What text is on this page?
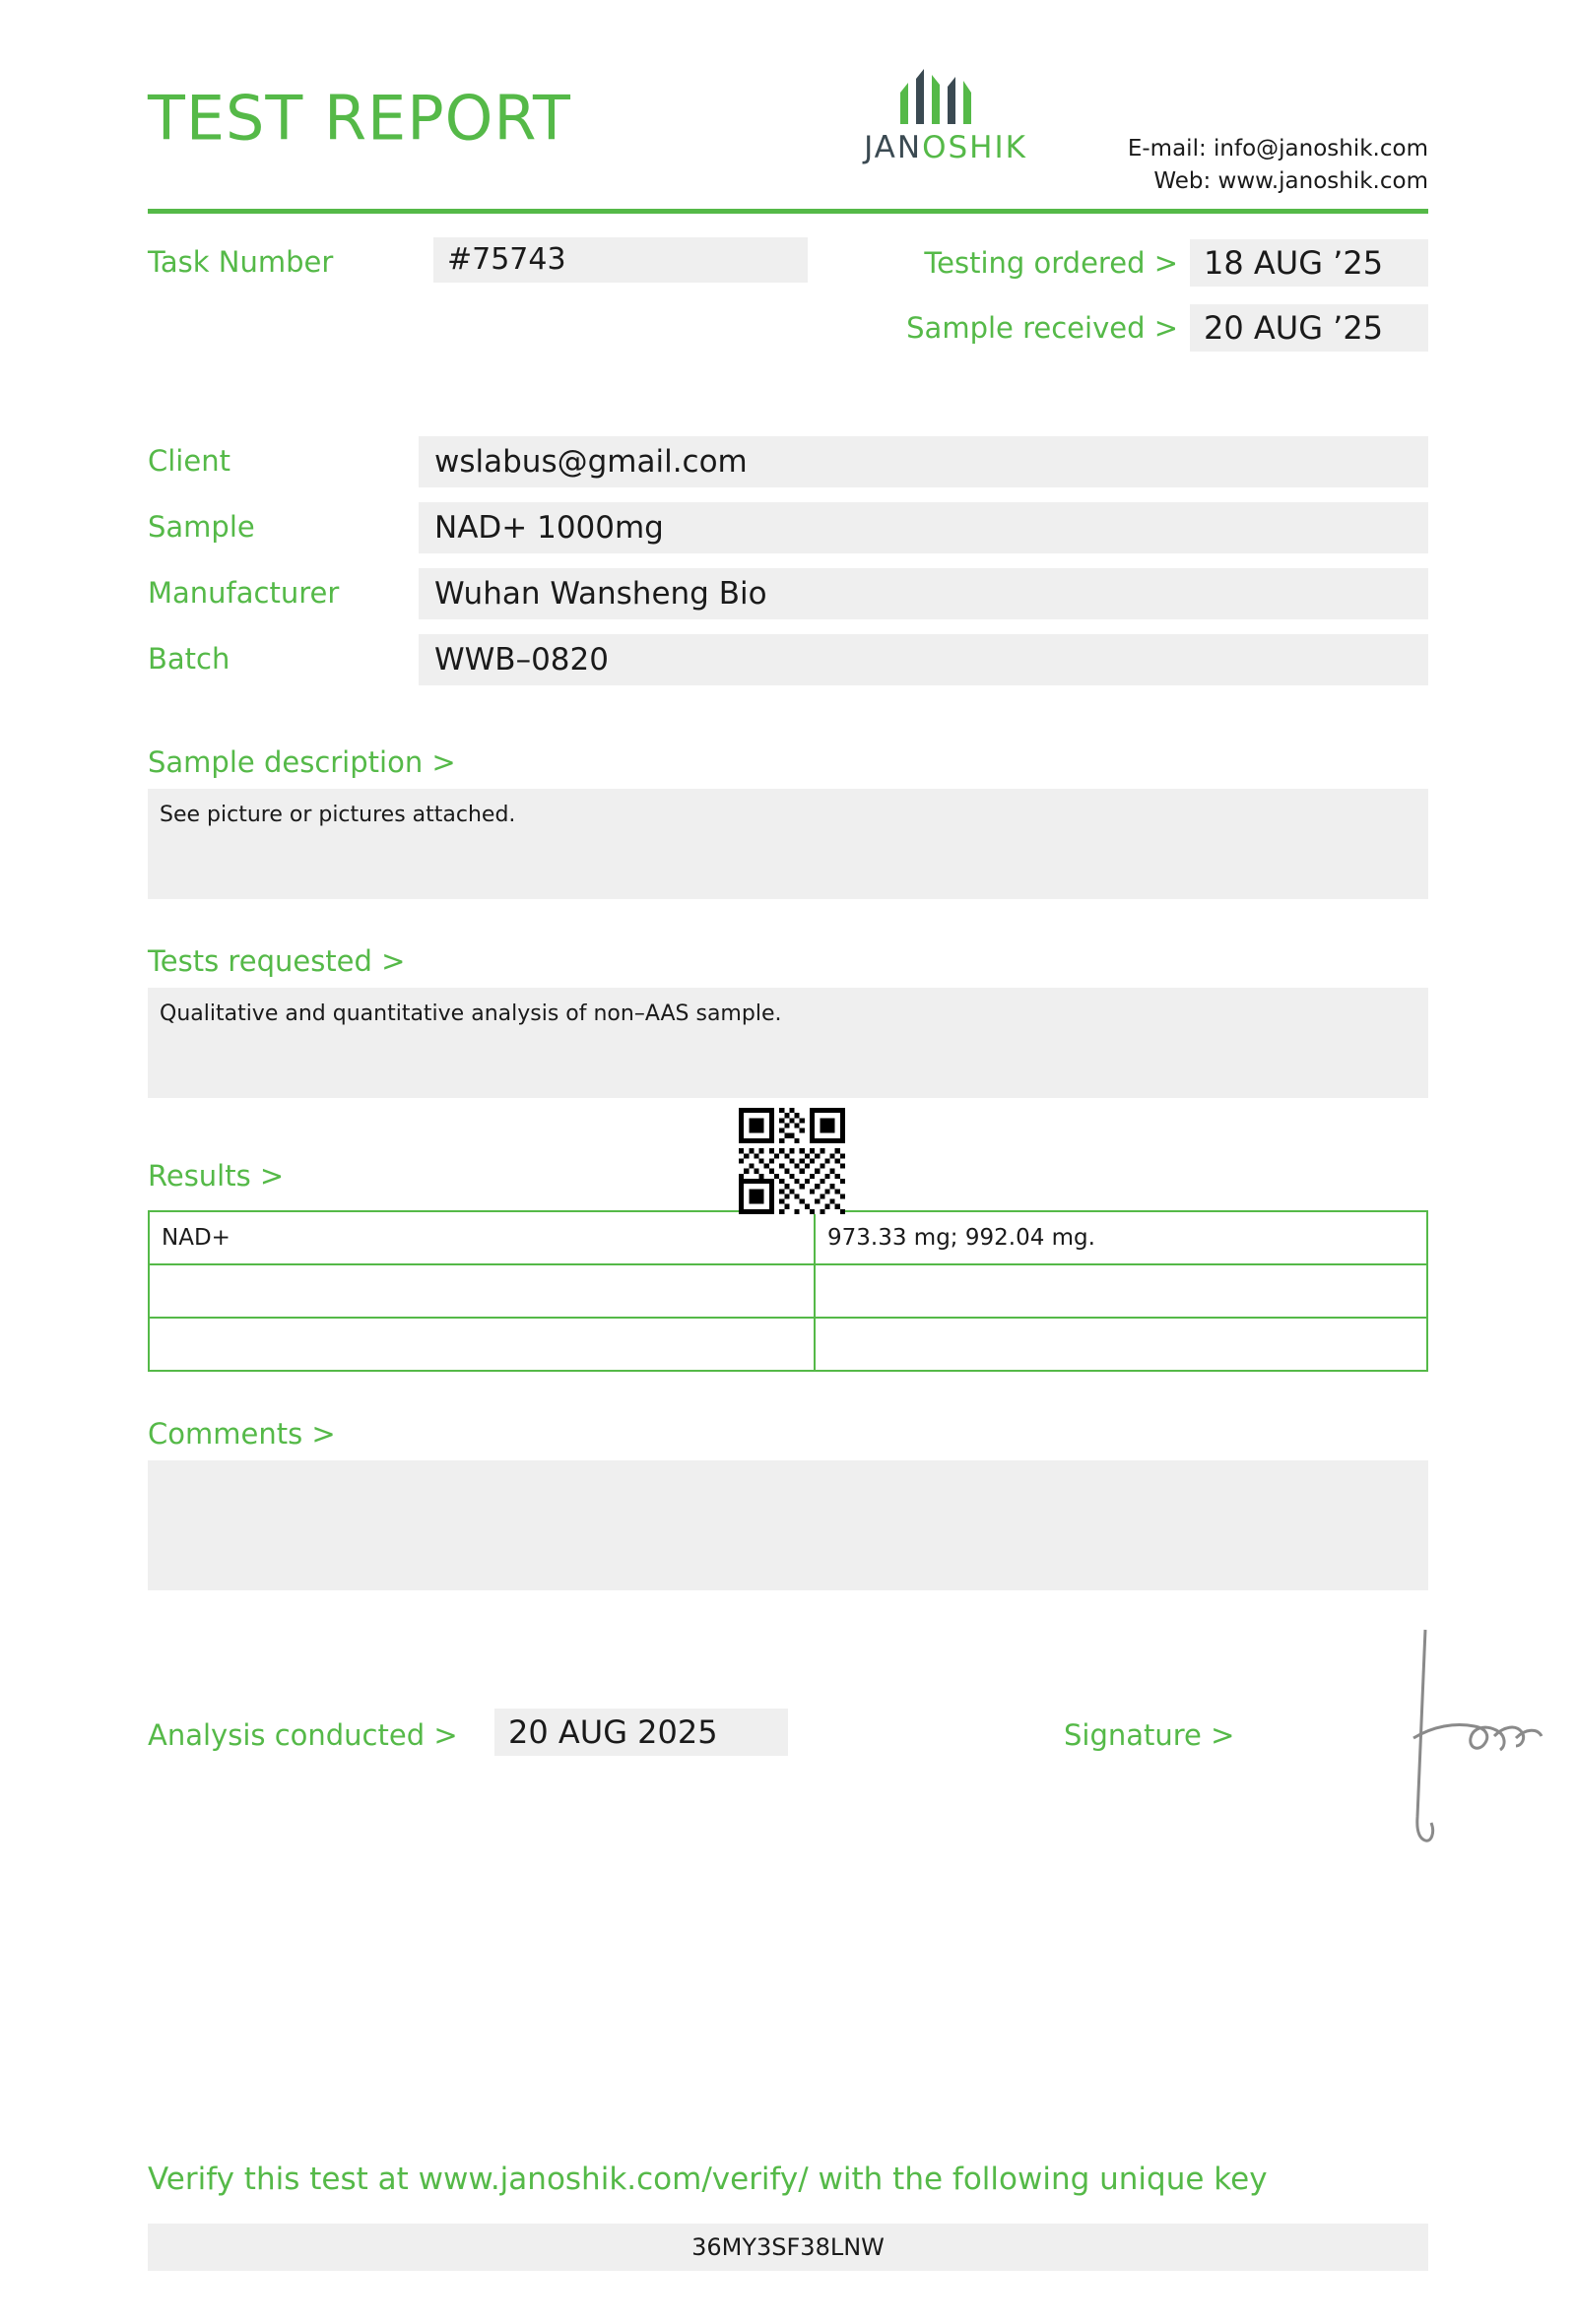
TEST REPORT	JANOSHIK	E-mail: info@janoshik.com
Web: www.janoshik.com
Task Number	#75743	Testing ordered > 18 AUG ’25
Sample received > 20 AUG ’25
Client	wslabus@gmail.com
Sample	NAD+ 1000mg
Manufacturer	Wuhan Wansheng Bio
Batch	WWB–0820
Sample description >
See picture or pictures attached.
Tests requested >
Qualitative and quantitative analysis of non–AAS sample.
Results >
NAD+	973.33 mg; 992.04 mg.

Comments >
Analysis conducted >	20 AUG 2025	Signature >
Verify this test at www.janoshik.com/verify/ with the following unique key
36MY3SF38LNW
